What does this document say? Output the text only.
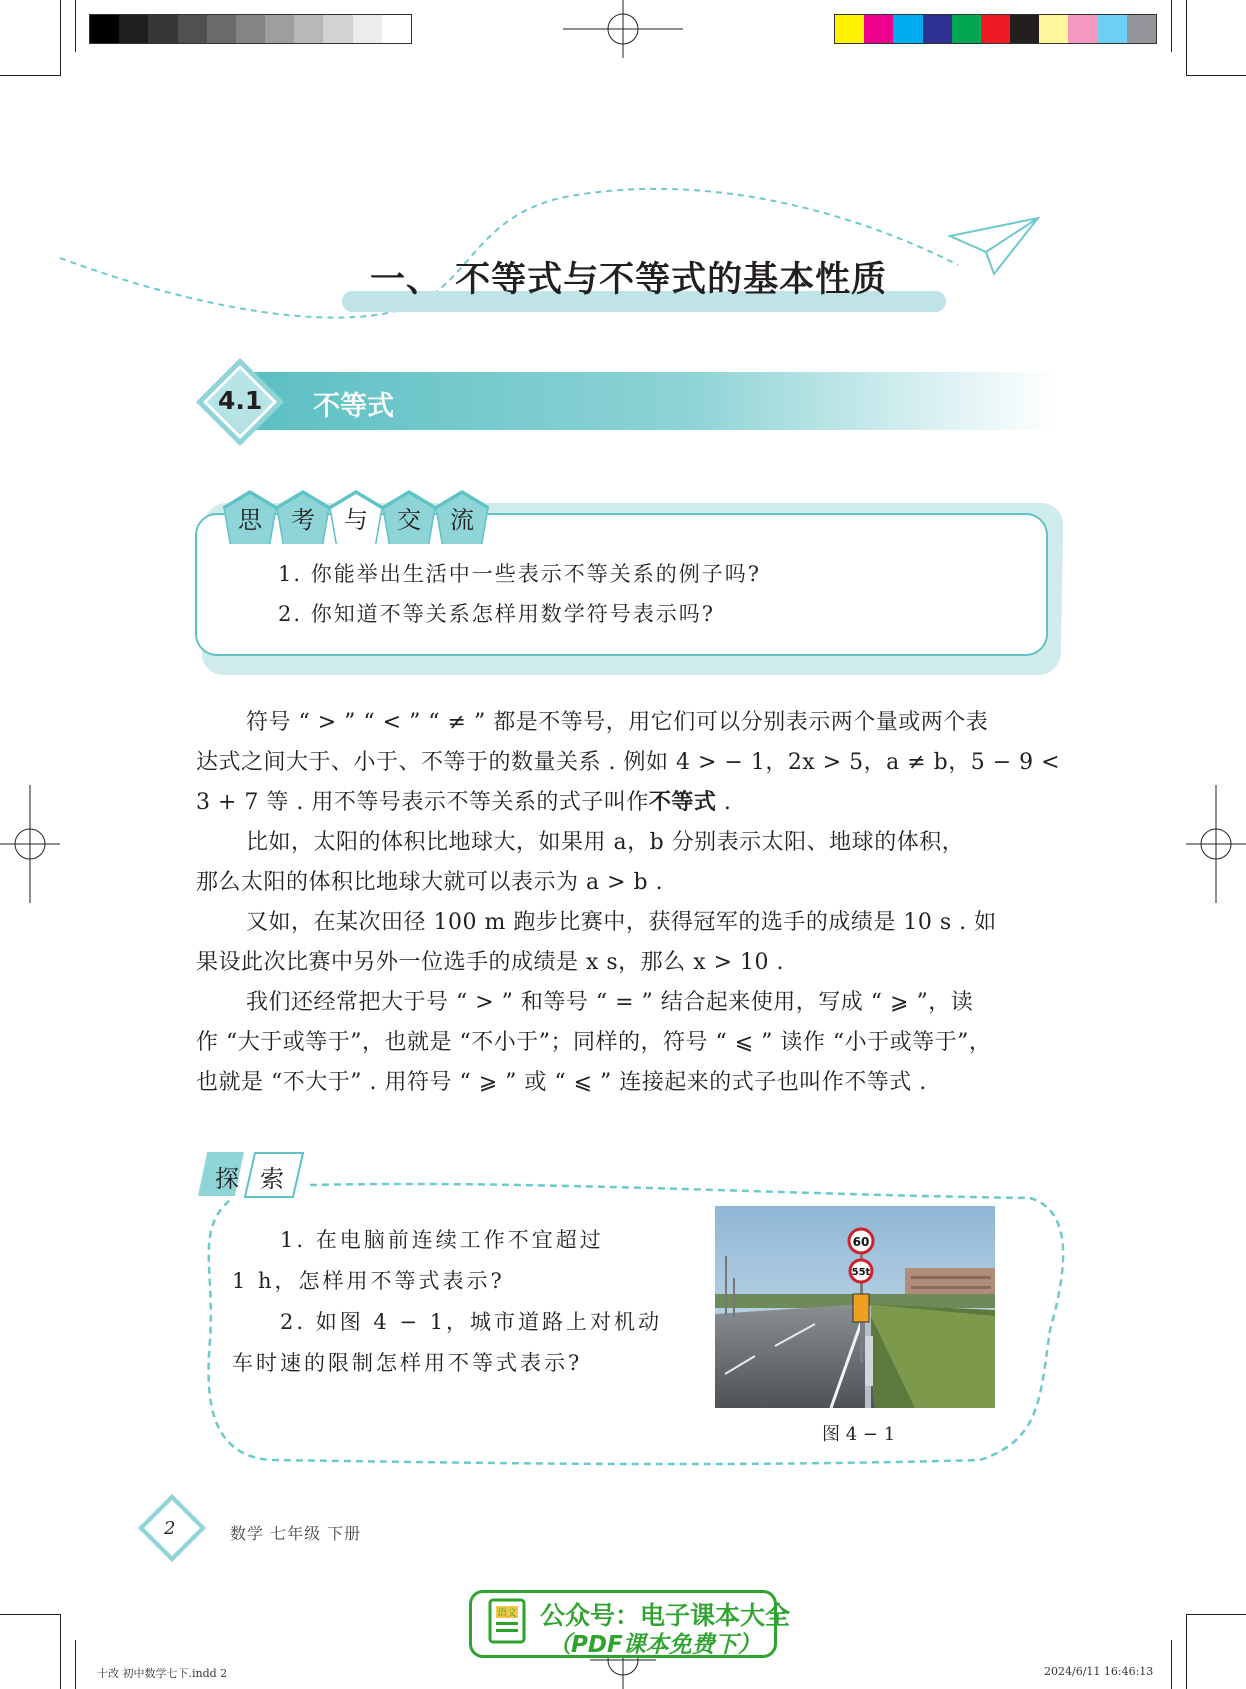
一、 不等式与不等式的基本性质
4.1 不等式
思	考	与	交	流
1. 你能举出生活中一些表示不等关系的例子吗?
2. 你知道不等关系怎样用数学符号表示吗?
符号 “ > ” “ < ” “ ≠ ” 都是不等号，用它们可以分别表示两个量或两个表
达式之间大于、小于、不等于的数量关系 . 例如 4 > − 1，2x > 5，a ≠ b，5 − 9 <
3 + 7 等 . 用不等号表示不等关系的式子叫作不等式 .
比如，太阳的体积比地球大，如果用 a，b 分别表示太阳、地球的体积，
那么太阳的体积比地球大就可以表示为 a > b .
又如，在某次田径 100 m 跑步比赛中，获得冠军的选手的成绩是 10 s . 如
果设此次比赛中另外一位选手的成绩是 x s，那么 x > 10 .
我们还经常把大于号 “ > ” 和等号 “ = ” 结合起来使用，写成 “ ⩾ ”，读
作 “大于或等于”，也就是 “不小于”；同样的，符号 “ ⩽ ” 读作 “小于或等于”，
也就是 “不大于” . 用符号 “ ⩾ ” 或 “ ⩽ ” 连接起来的式子也叫作不等式 .
探 索
1. 在电脑前连续工作不宜超过
1 h，怎样用不等式表示?
2. 如图 4 − 1，城市道路上对机动
车时速的限制怎样用不等式表示?
60
55t
图 4 − 1
2	数学 七年级 下册
语文 公众号：电子课本大全
（PDF课本免费下）
十改 初中数学七下.indd 2	2024/6/11 16:46:13
